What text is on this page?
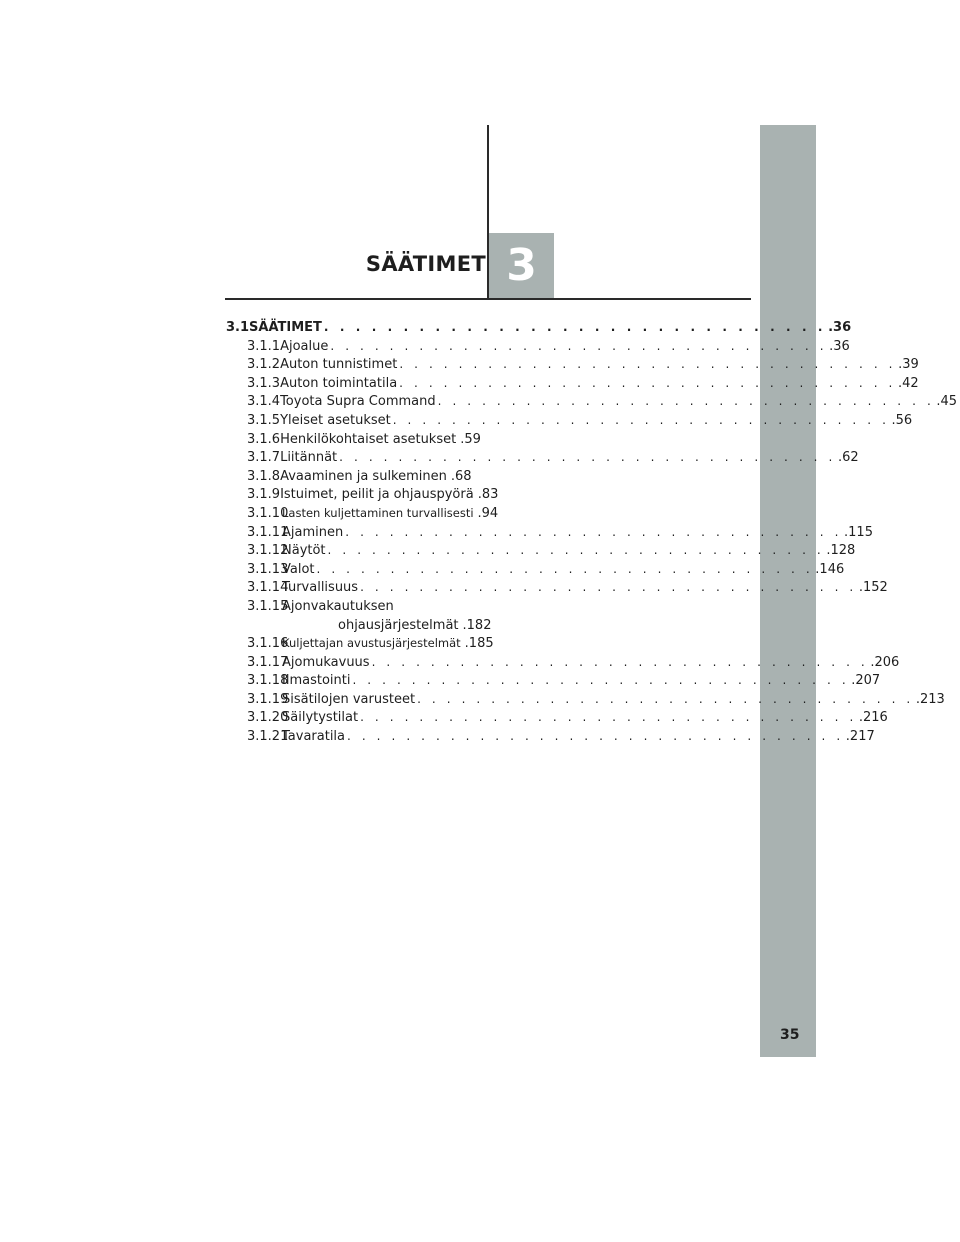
3
SÄÄTIMET
3.1 SÄÄTIMET . . . . . . . . . . . . . . . . . . . . . . . . . . . . . . . . .36
3.1.1 Ajoalue . . . . . . . . . . . . . . . . . . . . . . . . . . . . . . . . . . .36
3.1.2 Auton tunnistimet . . . . . . . . . . . . . . . . . . . . . . . . . . . . . . . . . . .39
3.1.3 Auton toimintatila . . . . . . . . . . . . . . . . . . . . . . . . . . . . . . . . . . .42
3.1.4 Toyota Supra Command . . . . . . . . . . . . . . . . . . . . . . . . . . . . . . . . . . .45
3.1.5 Yleiset asetukset . . . . . . . . . . . . . . . . . . . . . . . . . . . . . . . . . . .56
3.1.6 Henkilökohtaiset asetukset .59
3.1.7 Liitännät . . . . . . . . . . . . . . . . . . . . . . . . . . . . . . . . . . .62
3.1.8 Avaaminen ja sulkeminen .68
3.1.9 Istuimet, peilit ja ohjauspyörä .83
3.1.10
Lasten kuljettaminen turvallisesti .94
3.1.11
Ajaminen . . . . . . . . . . . . . . . . . . . . . . . . . . . . . . . . . . .115
3.1.12
Näytöt . . . . . . . . . . . . . . . . . . . . . . . . . . . . . . . . . . .128
3.1.13
Valot . . . . . . . . . . . . . . . . . . . . . . . . . . . . . . . . . . .146
3.1.14
Turvallisuus . . . . . . . . . . . . . . . . . . . . . . . . . . . . . . . . . . .152
3.1.15
Ajonvakautuksen
ohjausjärjestelmät .182
3.1.16
Kuljettajan avustusjärjestelmät .185
3.1.17
Ajomukavuus . . . . . . . . . . . . . . . . . . . . . . . . . . . . . . . . . . .206
3.1.18
Ilmastointi . . . . . . . . . . . . . . . . . . . . . . . . . . . . . . . . . . .207
3.1.19
Sisätilojen varusteet . . . . . . . . . . . . . . . . . . . . . . . . . . . . . . . . . . .213
3.1.20
Säilytystilat . . . . . . . . . . . . . . . . . . . . . . . . . . . . . . . . . . .216
3.1.21
Tavaratila . . . . . . . . . . . . . . . . . . . . . . . . . . . . . . . . . . .217
35
